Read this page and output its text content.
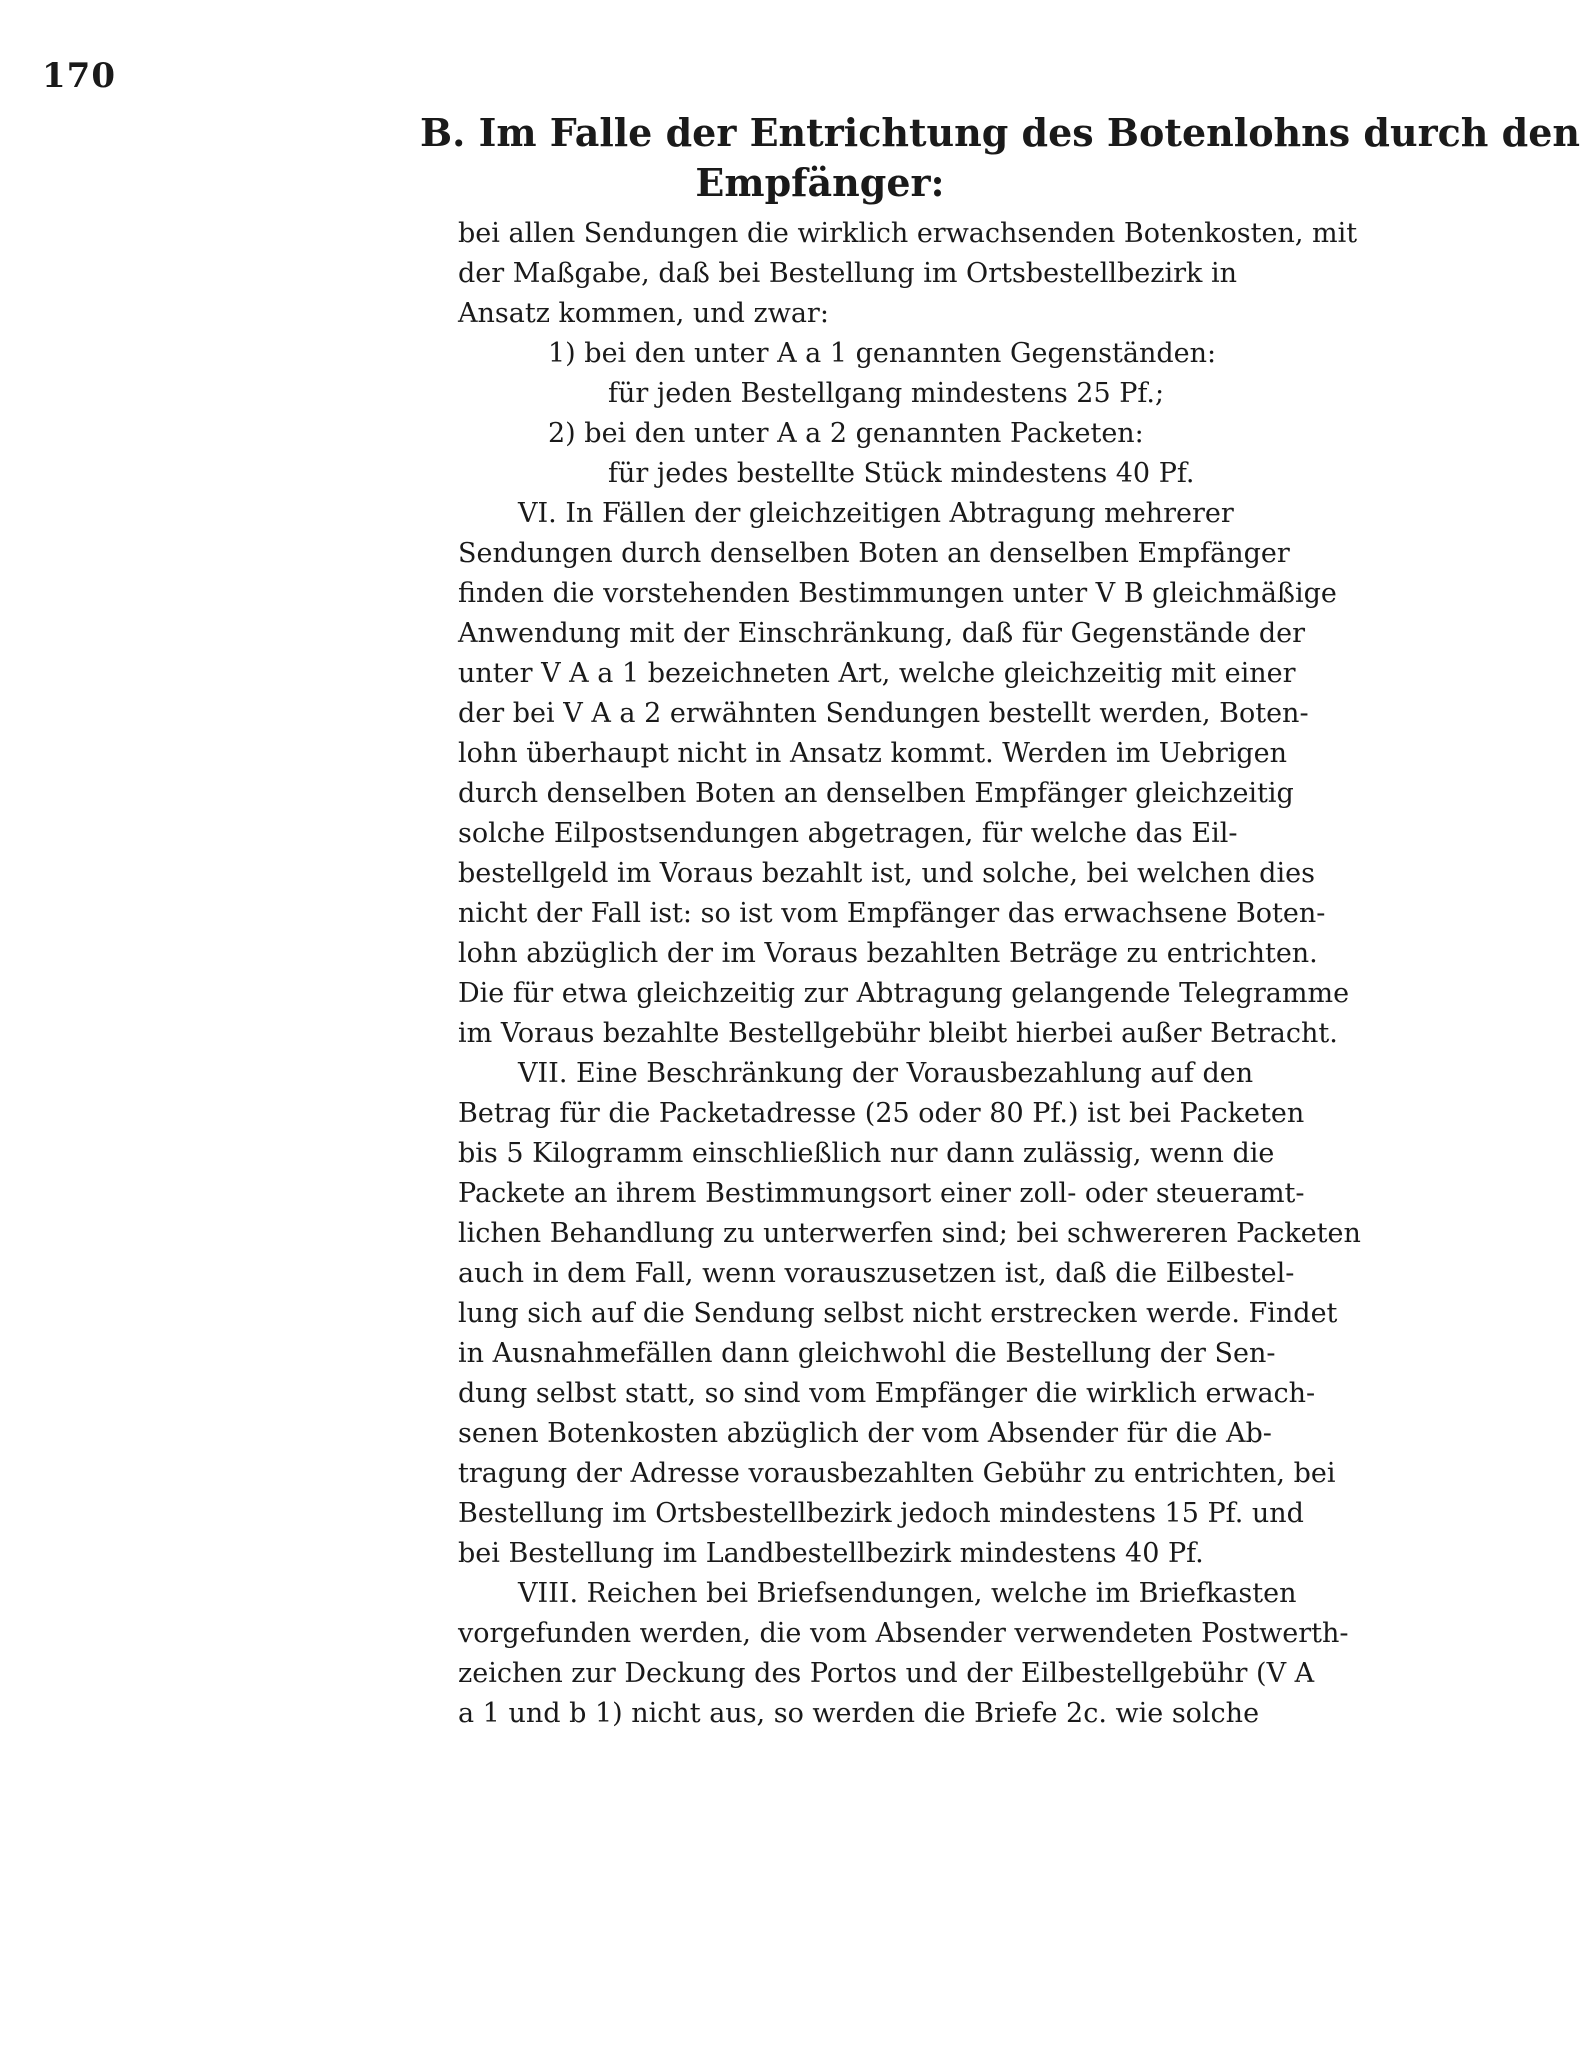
170
B. Im Falle der Entrichtung des Botenlohns durch den
Empfänger:
bei allen Sendungen die wirklich erwachsenden Botenkosten, mit
der Maßgabe, daß bei Bestellung im Ortsbestellbezirk in
Ansatz kommen, und zwar:
1) bei den unter A a 1 genannten Gegenständen:
für jeden Bestellgang mindestens 25 Pf.;
2) bei den unter A a 2 genannten Packeten:
für jedes bestellte Stück mindestens 40 Pf.
VI. In Fällen der gleichzeitigen Abtragung mehrerer
Sendungen durch denselben Boten an denselben Empfänger
finden die vorstehenden Bestimmungen unter V B gleichmäßige
Anwendung mit der Einschränkung, daß für Gegenstände der
unter V A a 1 bezeichneten Art, welche gleichzeitig mit einer
der bei V A a 2 erwähnten Sendungen bestellt werden, Boten-
lohn überhaupt nicht in Ansatz kommt. Werden im Uebrigen
durch denselben Boten an denselben Empfänger gleichzeitig
solche Eilpostsendungen abgetragen, für welche das Eil-
bestellgeld im Voraus bezahlt ist, und solche, bei welchen dies
nicht der Fall ist: so ist vom Empfänger das erwachsene Boten-
lohn abzüglich der im Voraus bezahlten Beträge zu entrichten.
Die für etwa gleichzeitig zur Abtragung gelangende Telegramme
im Voraus bezahlte Bestellgebühr bleibt hierbei außer Betracht.
VII. Eine Beschränkung der Vorausbezahlung auf den
Betrag für die Packetadresse (25 oder 80 Pf.) ist bei Packeten
bis 5 Kilogramm einschließlich nur dann zulässig, wenn die
Packete an ihrem Bestimmungsort einer zoll- oder steueramt-
lichen Behandlung zu unterwerfen sind; bei schwereren Packeten
auch in dem Fall, wenn vorauszusetzen ist, daß die Eilbestel-
lung sich auf die Sendung selbst nicht erstrecken werde. Findet
in Ausnahmefällen dann gleichwohl die Bestellung der Sen-
dung selbst statt, so sind vom Empfänger die wirklich erwach-
senen Botenkosten abzüglich der vom Absender für die Ab-
tragung der Adresse vorausbezahlten Gebühr zu entrichten, bei
Bestellung im Ortsbestellbezirk jedoch mindestens 15 Pf. und
bei Bestellung im Landbestellbezirk mindestens 40 Pf.
VIII. Reichen bei Briefsendungen, welche im Briefkasten
vorgefunden werden, die vom Absender verwendeten Postwerth-
zeichen zur Deckung des Portos und der Eilbestellgebühr (V A
a 1 und b 1) nicht aus, so werden die Briefe 2c. wie solche
